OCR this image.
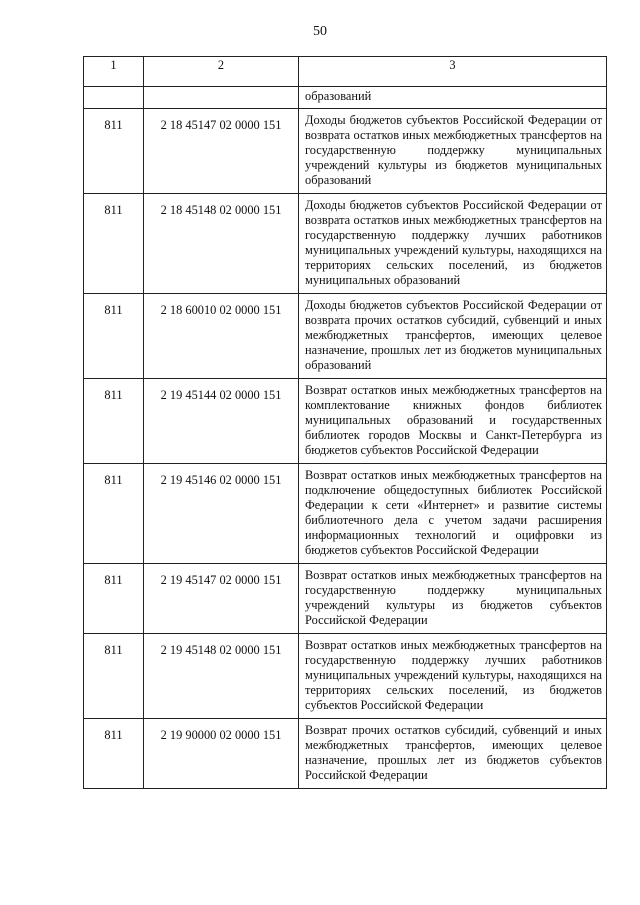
50
1	2	3
		образований
811	2 18 45147 02 0000 151	Доходы бюджетов субъектов Российской Федерации от возврата остатков иных межбюджетных трансфертов на государственную поддержку муниципальных учреждений культуры из бюджетов муниципальных образований
811	2 18 45148 02 0000 151	Доходы бюджетов субъектов Российской Федерации от возврата остатков иных межбюджетных трансфертов на государственную поддержку лучших работников муниципальных учреждений культуры, находящихся на территориях сельских поселений, из бюджетов муниципальных образований
811	2 18 60010 02 0000 151	Доходы бюджетов субъектов Российской Федерации от возврата прочих остатков субсидий, субвенций и иных межбюджетных трансфертов, имеющих целевое назначение, прошлых лет из бюджетов муниципальных образований
811	2 19 45144 02 0000 151	Возврат остатков иных межбюджетных трансфертов на комплектование книжных фондов библиотек муниципальных образований и государственных библиотек городов Москвы и Санкт-Петербурга из бюджетов субъектов Российской Федерации
811	2 19 45146 02 0000 151	Возврат остатков иных межбюджетных трансфертов на подключение общедоступных библиотек Российской Федерации к сети «Интернет» и развитие системы библиотечного дела с учетом задачи расширения информационных технологий и оцифровки из бюджетов субъектов Российской Федерации
811	2 19 45147 02 0000 151	Возврат остатков иных межбюджетных трансфертов на государственную поддержку муниципальных учреждений культуры из бюджетов субъектов Российской Федерации
811	2 19 45148 02 0000 151	Возврат остатков иных межбюджетных трансфертов на государственную поддержку лучших работников муниципальных учреждений культуры, находящихся на территориях сельских поселений, из бюджетов субъектов Российской Федерации
811	2 19 90000 02 0000 151	Возврат прочих остатков субсидий, субвенций и иных межбюджетных трансфертов, имеющих целевое назначение, прошлых лет из бюджетов субъектов Российской Федерации
